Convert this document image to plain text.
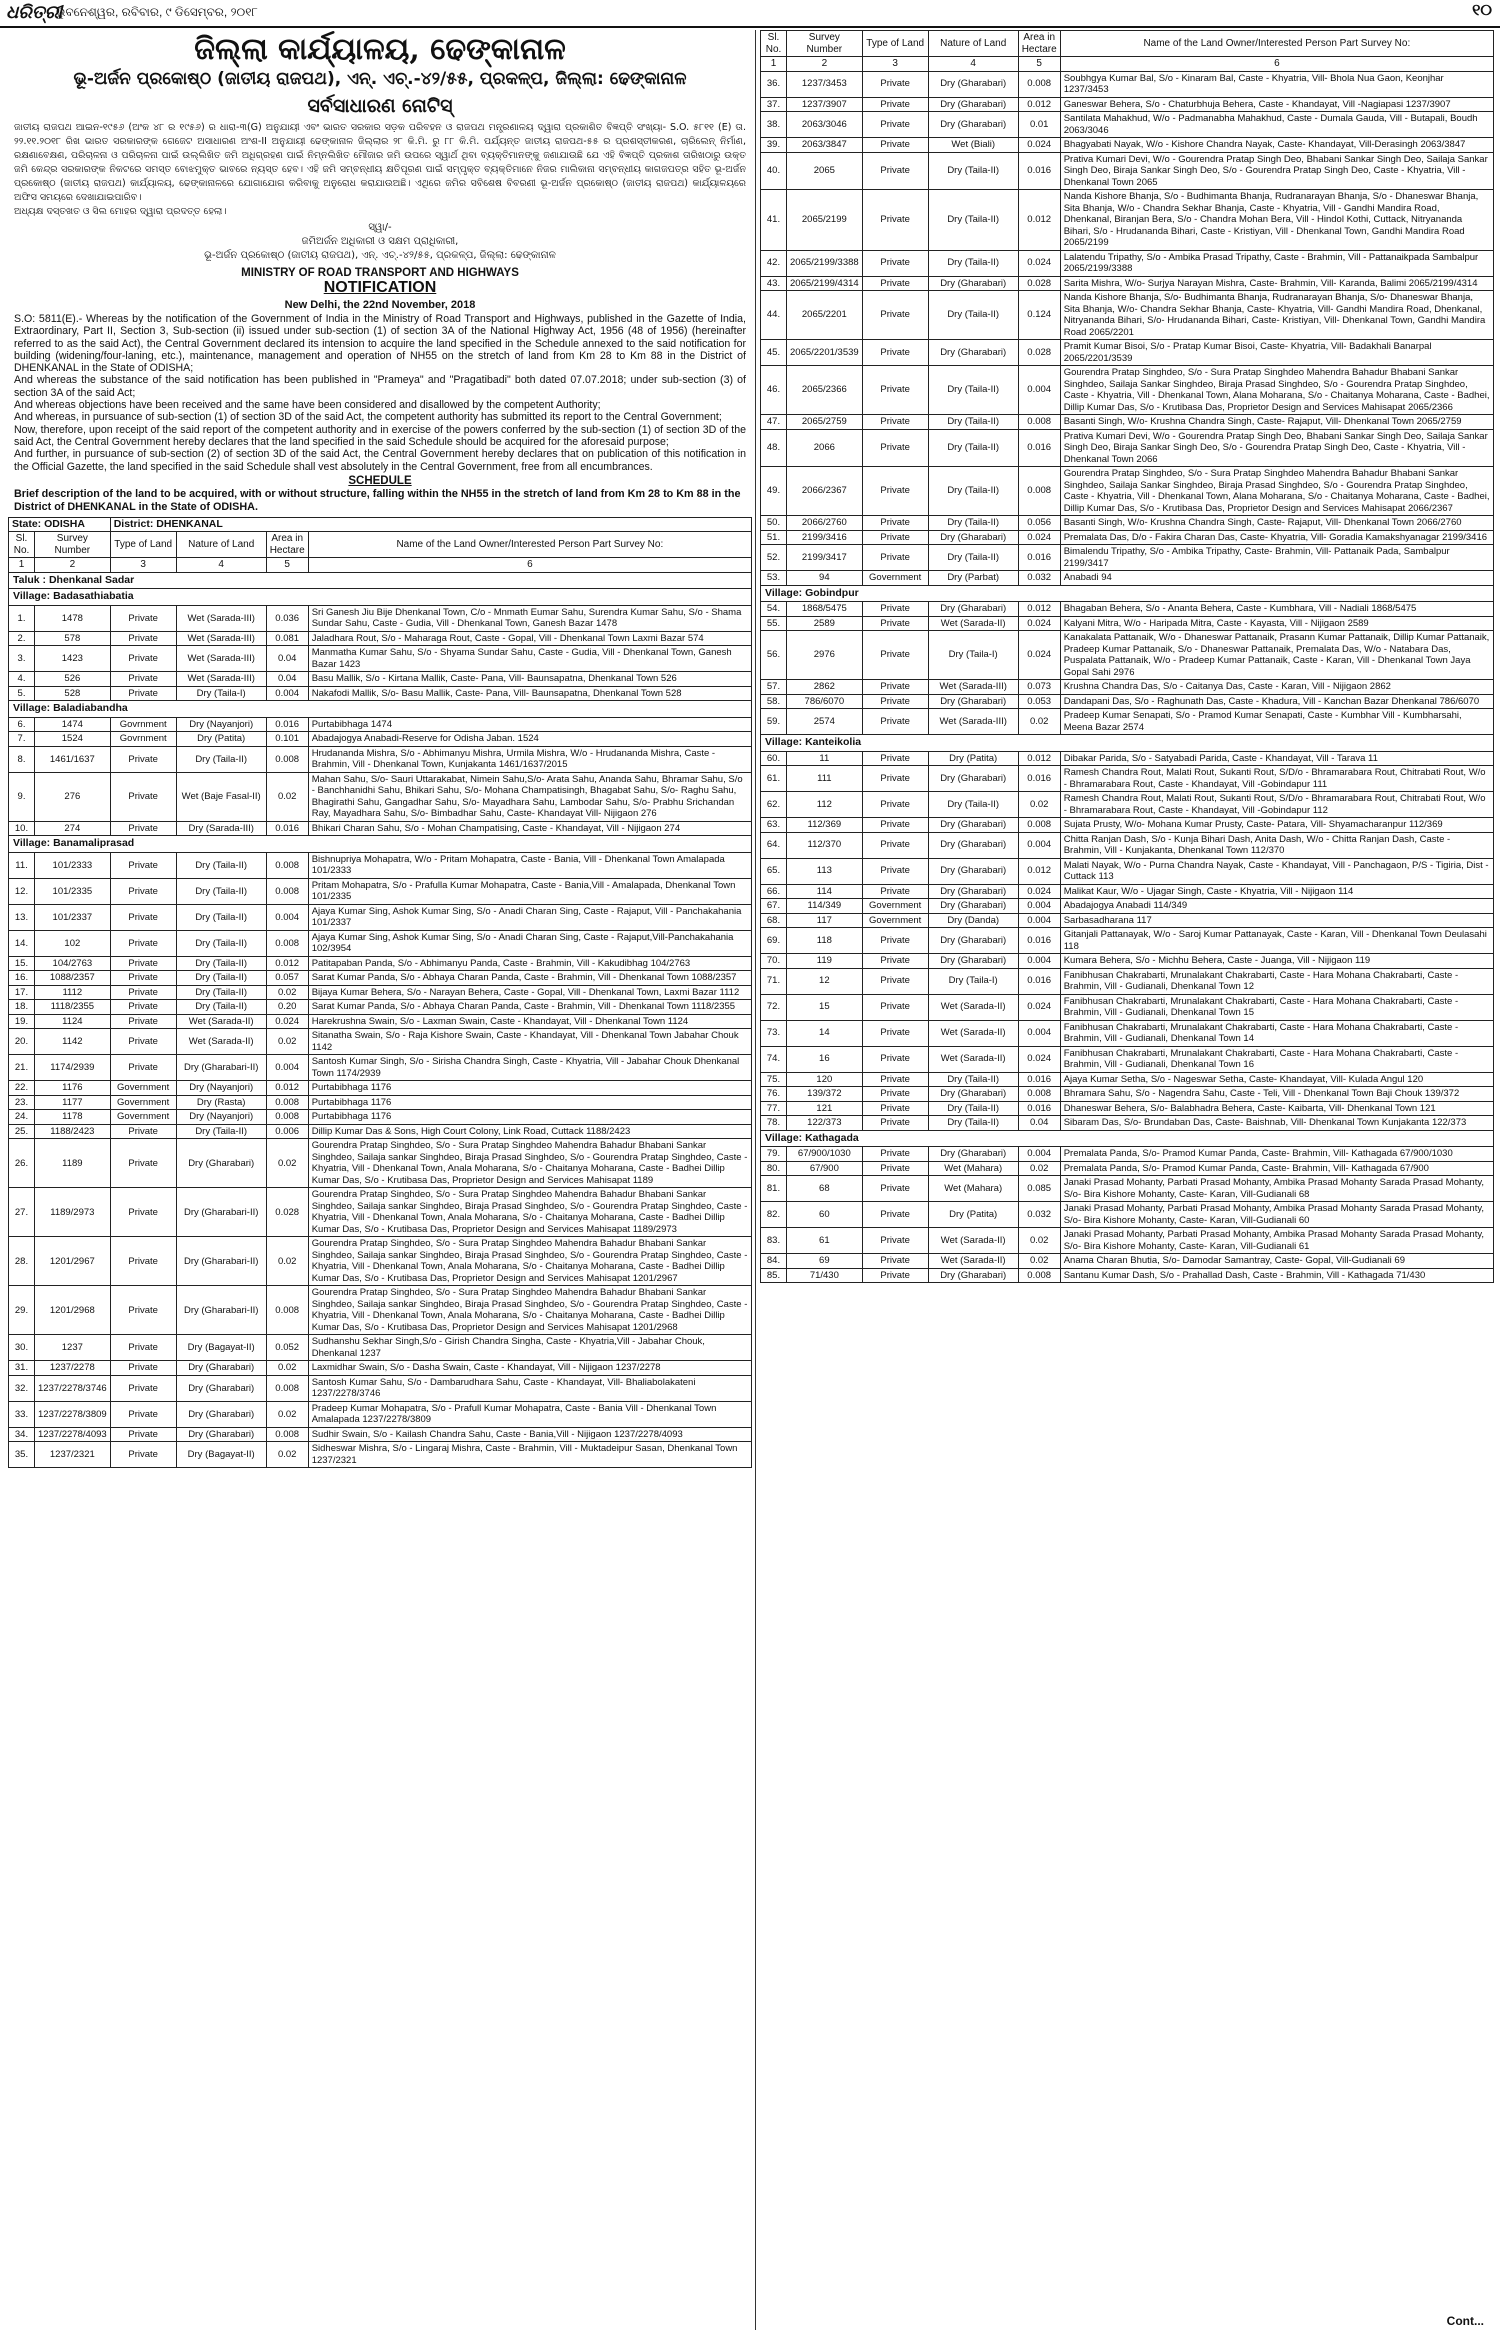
ଧରିତ୍ରୀ
ଭୁବନେଶ୍ୱର, ରବିବାର, ୯ ଡିସେମ୍ବର, ୨୦୧୮	୧୦
ଜିଲ୍ଲା କାର୍ଯ୍ୟାଳୟ, ଢେଙ୍କାନାଳ
ଭୂ-ଅର୍ଜନ ପ୍ରକୋଷ୍ଠ (ଜାତୀୟ ରାଜପଥ), ଏନ୍. ଏଚ୍.-୪୨/୫୫, ପ୍ରକଳ୍ପ, ଜିଲ୍ଲା: ଢେଙ୍କାନାଳ
ସର୍ବସାଧାରଣ ନୋଟିସ୍
ଜାତୀୟ ରାଜପଥ ଆଇନ-୧୯୫୬ (ଅଂକ ୪୮ ର ୧୯୫୬) ର ଧାରା-୩(G) ଅନୁଯାୟୀ ଏବଂ ଭାରତ ସରକାର ସଡ଼କ ପରିବହନ ଓ ରାଜପଥ ମନ୍ତ୍ରଣାଳୟ ଦ୍ୱାରା ପ୍ରକାଶିତ ବିଜ୍ଞପ୍ତି ସଂଖ୍ୟା- S.O. ୫୮୧୧ (E) ତା. ୨୨.୧୧.୨୦୧୮ ରିଖ ଭାରତ ସରକାରଙ୍କ ଗେଜେଟ ଅସାଧାରଣ ଅଂଶ-II ଅନୁଯାୟୀ ଢେଙ୍କାନାଳ ଜିଲ୍ଲାର ୨୮ କି.ମି. ରୁ ୮୮ କି.ମି. ପର୍ଯ୍ୟନ୍ତ ଜାତୀୟ ରାଜପଥ-୫୫ ର ପ୍ରଶସ୍ତୀକରଣ, ଚାରିଲେନ୍ ନିର୍ମାଣ, ରକ୍ଷଣାବେକ୍ଷଣ, ପରିଚାଳନା ଓ ପରିଚାଳନା ପାଇଁ ଉଲ୍ଲିଖିତ ଜମି ଅଧିଗ୍ରହଣ ପାଇଁ ନିମ୍ନଲିଖିତ ମୌଜାର ଜମି ଉପରେ ସ୍ୱାର୍ଥ ଥିବା ବ୍ୟକ୍ତିମାନଙ୍କୁ ଜଣାଯାଉଛି ଯେ ଏହି ବିଜ୍ଞପ୍ତି ପ୍ରକାଶ ତାରିଖଠାରୁ ଉକ୍ତ ଜମି କେନ୍ଦ୍ର ସରକାରଙ୍କ ନିକଟରେ ସମସ୍ତ ବୋଝମୁକ୍ତ ଭାବରେ ନ୍ୟସ୍ତ ହେବ। ଏହି ଜମି ସମ୍ବନ୍ଧୀୟ କ୍ଷତିପୂରଣ ପାଇଁ ସମ୍ପୃକ୍ତ ବ୍ୟକ୍ତିମାନେ ନିଜର ମାଲିକାନା ସମ୍ବନ୍ଧୀୟ କାଗଜପତ୍ର ସହିତ ଭୂ-ଅର୍ଜନ ପ୍ରକୋଷ୍ଠ (ଜାତୀୟ ରାଜପଥ) କାର୍ଯ୍ୟାଳୟ, ଢେଙ୍କାନାଳରେ ଯୋଗାଯୋଗ କରିବାକୁ ଅନୁରୋଧ କରାଯାଉଅଛି। ଏଥିରେ ଜମିର ସବିଶେଷ ବିବରଣୀ ଭୂ-ଅର୍ଜନ ପ୍ରକୋଷ୍ଠ (ଜାତୀୟ ରାଜପଥ) କାର୍ଯ୍ୟାଳୟରେ ଅଫିସ ସମୟରେ ଦେଖାଯାଇପାରିବ।
ଅଧ୍ୟକ୍ଷ ଦସ୍ତଖତ ଓ ସିଲ ମୋହର ଦ୍ୱାରା ପ୍ରଦତ୍ତ ହେଲା।
ସ୍ୱା/-
ଜମିଅର୍ଜନ ଅଧିକାରୀ ଓ ସକ୍ଷମ ପ୍ରାଧିକାରୀ,
ଭୂ-ଅର୍ଜନ ପ୍ରକୋଷ୍ଠ (ଜାତୀୟ ରାଜପଥ), ଏନ୍. ଏଚ୍.-୪୨/୫୫, ପ୍ରକଳ୍ପ, ଜିଲ୍ଲା: ଢେଙ୍କାନାଳ
MINISTRY OF ROAD TRANSPORT AND HIGHWAYS
NOTIFICATION
New Delhi, the 22nd November, 2018
S.O: 5811(E).- Whereas by the notification of the Government of India in the Ministry of Road Transport and Highways, published in the Gazette of India, Extraordinary, Part II, Section 3, Sub-section (ii) issued under sub-section (1) of section 3A of the National Highway Act, 1956 (48 of 1956) (hereinafter referred to as the said Act), the Central Government declared its intension to acquire the land specified in the Schedule annexed to the said notification for building (widening/four-laning, etc.), maintenance, management and operation of NH55 on the stretch of land from Km 28 to Km 88 in the District of DHENKANAL in the State of ODISHA;
And whereas the substance of the said notification has been published in "Prameya" and "Pragatibadi" both dated 07.07.2018; under sub-section (3) of section 3A of the said Act;
And whereas objections have been received and the same have been considered and disallowed by the competent Authority;
And whereas, in pursuance of sub-section (1) of section 3D of the said Act, the competent authority has submitted its report to the Central Government;
Now, therefore, upon receipt of the said report of the competent authority and in exercise of the powers conferred by the sub-section (1) of section 3D of the said Act, the Central Government hereby declares that the land specified in the said Schedule should be acquired for the aforesaid purpose;
And further, in pursuance of sub-section (2) of section 3D of the said Act, the Central Government hereby declares that on publication of this notification in the Official Gazette, the land specified in the said Schedule shall vest absolutely in the Central Government, free from all encumbrances.
SCHEDULE
Brief description of the land to be acquired, with or without structure, falling within the NH55 in the stretch of land from Km 28 to Km 88 in the District of DHENKANAL in the State of ODISHA.
State: ODISHA		District: DHENKANAL			
Sl. No.	Survey Number	Type of Land	Nature of Land	Area in Hectare	Name of the Land Owner/Interested Person Part Survey No:
1	2	3	4	5	6
Taluk : Dhenkanal Sadar					
Village: Badasathiabatia					
1.	1478	Private	Wet (Sarada-III)	0.036	Sri Ganesh Jiu Bije Dhenkanal Town, C/o - Mnmath Eumar Sahu, Surendra Kumar Sahu, S/o - Shama Sundar Sahu, Caste - Gudia, Vill - Dhenkanal Town, Ganesh Bazar 1478
2.	578	Private	Wet (Sarada-III)	0.081	Jaladhara Rout, S/o - Maharaga Rout, Caste - Gopal, Vill - Dhenkanal Town Laxmi Bazar 574
3.	1423	Private	Wet (Sarada-III)	0.04	Manmatha Kumar Sahu, S/o - Shyama Sundar Sahu, Caste - Gudia, Vill - Dhenkanal Town, Ganesh Bazar 1423
4.	526	Private	Wet (Sarada-III)	0.04	Basu Mallik, S/o - Kirtana Mallik, Caste- Pana, Vill- Baunsapatna, Dhenkanal Town 526
5.	528	Private	Dry (Taila-I)	0.004	Nakafodi Mallik, S/o- Basu Mallik, Caste- Pana, Vill- Baunsapatna, Dhenkanal Town 528
Village: Baladiabandha					
6.	1474	Govrnment	Dry (Nayanjori)	0.016	Purtabibhaga 1474
7.	1524	Govrnment	Dry (Patita)	0.101	Abadajogya Anabadi-Reserve for Odisha Jaban. 1524
8.	1461/1637	Private	Dry (Taila-II)	0.008	Hrudananda Mishra, S/o - Abhimanyu Mishra, Urmila Mishra, W/o - Hrudananda Mishra, Caste - Brahmin, Vill - Dhenkanal Town, Kunjakanta 1461/1637/2015
9.	276	Private	Wet (Baje Fasal-II)	0.02	Mahan Sahu, S/o- Sauri Uttarakabat, Nimein Sahu,S/o- Arata Sahu, Ananda Sahu, Bhramar Sahu, S/o - Banchhanidhi Sahu, Bhikari Sahu, S/o- Mohana Champatisingh, Bhagabat Sahu, S/o- Raghu Sahu, Bhagirathi Sahu, Gangadhar Sahu, S/o- Mayadhara Sahu, Lambodar Sahu, S/o- Prabhu Srichandan Ray, Mayadhara Sahu, S/o- Bimbadhar Sahu, Caste- Khandayat Vill- Nijigaon 276
10.	274	Private	Dry (Sarada-III)	0.016	Bhikari Charan Sahu, S/o - Mohan Champatising, Caste - Khandayat, Vill - Nijigaon 274
Village: Banamaliprasad					
11.	101/2333	Private	Dry (Taila-II)	0.008	Bishnupriya Mohapatra, W/o - Pritam Mohapatra, Caste - Bania, Vill - Dhenkanal Town Amalapada 101/2333
12.	101/2335	Private	Dry (Taila-II)	0.008	Pritam Mohapatra, S/o - Prafulla Kumar Mohapatra, Caste - Bania,Vill - Amalapada, Dhenkanal Town 101/2335
13.	101/2337	Private	Dry (Taila-II)	0.004	Ajaya Kumar Sing, Ashok Kumar Sing, S/o - Anadi Charan Sing, Caste - Rajaput, Vill - Panchakahania 101/2337
14.	102	Private	Dry (Taila-II)	0.008	Ajaya Kumar Sing, Ashok Kumar Sing, S/o - Anadi Charan Sing, Caste - Rajaput,Vill-Panchakahania 102/3954
15.	104/2763	Private	Dry (Taila-II)	0.012	Patitapaban Panda, S/o - Abhimanyu Panda, Caste - Brahmin, Vill - Kakudibhag 104/2763
16.	1088/2357	Private	Dry (Taila-II)	0.057	Sarat Kumar Panda, S/o - Abhaya Charan Panda, Caste - Brahmin, Vill - Dhenkanal Town 1088/2357
17.	1112	Private	Dry (Taila-II)	0.02	Bijaya Kumar Behera, S/o - Narayan Behera, Caste - Gopal, Vill - Dhenkanal Town, Laxmi Bazar 1112
18.	1118/2355	Private	Dry (Taila-II)	0.20	Sarat Kumar Panda, S/o - Abhaya Charan Panda, Caste - Brahmin, Vill - Dhenkanal Town 1118/2355
19.	1124	Private	Wet (Sarada-II)	0.024	Harekrushna Swain, S/o - Laxman Swain, Caste - Khandayat, Vill - Dhenkanal Town 1124
20.	1142	Private	Wet (Sarada-II)	0.02	Sitanatha Swain, S/o - Raja Kishore Swain, Caste - Khandayat, Vill - Dhenkanal Town Jabahar Chouk 1142
21.	1174/2939	Private	Dry (Gharabari-II)	0.004	Santosh Kumar Singh, S/o - Sirisha Chandra Singh, Caste - Khyatria, Vill - Jabahar Chouk Dhenkanal Town 1174/2939
22.	1176	Government	Dry (Nayanjori)	0.012	Purtabibhaga 1176
23.	1177	Government	Dry (Rasta)	0.008	Purtabibhaga 1176
24.	1178	Government	Dry (Nayanjori)	0.008	Purtabibhaga 1176
25.	1188/2423	Private	Dry (Taila-II)	0.006	Dillip Kumar Das & Sons, High Court Colony, Link Road, Cuttack 1188/2423
26.	1189	Private	Dry (Gharabari)	0.02	Gourendra Pratap Singhdeo, S/o - Sura Pratap Singhdeo Mahendra Bahadur Bhabani Sankar Singhdeo, Sailaja sankar Singhdeo, Biraja Prasad Singhdeo, S/o - Gourendra Pratap Singhdeo, Caste - Khyatria, Vill - Dhenkanal Town, Anala Moharana, S/o - Chaitanya Moharana, Caste - Badhei Dillip Kumar Das, S/o - Krutibasa Das, Proprietor Design and Services Mahisapat 1189
27.	1189/2973	Private	Dry (Gharabari-II)	0.028	Gourendra Pratap Singhdeo, S/o - Sura Pratap Singhdeo Mahendra Bahadur Bhabani Sankar Singhdeo, Sailaja sankar Singhdeo, Biraja Prasad Singhdeo, S/o - Gourendra Pratap Singhdeo, Caste - Khyatria, Vill - Dhenkanal Town, Anala Moharana, S/o - Chaitanya Moharana, Caste - Badhei Dillip Kumar Das, S/o - Krutibasa Das, Proprietor Design and Services Mahisapat 1189/2973
28.	1201/2967	Private	Dry (Gharabari-II)	0.02	Gourendra Pratap Singhdeo, S/o - Sura Pratap Singhdeo Mahendra Bahadur Bhabani Sankar Singhdeo, Sailaja sankar Singhdeo, Biraja Prasad Singhdeo, S/o - Gourendra Pratap Singhdeo, Caste - Khyatria, Vill - Dhenkanal Town, Anala Moharana, S/o - Chaitanya Moharana, Caste - Badhei Dillip Kumar Das, S/o - Krutibasa Das, Proprietor Design and Services Mahisapat 1201/2967
29.	1201/2968	Private	Dry (Gharabari-II)	0.008	Gourendra Pratap Singhdeo, S/o - Sura Pratap Singhdeo Mahendra Bahadur Bhabani Sankar Singhdeo, Sailaja sankar Singhdeo, Biraja Prasad Singhdeo, S/o - Gourendra Pratap Singhdeo, Caste - Khyatria, Vill - Dhenkanal Town, Anala Moharana, S/o - Chaitanya Moharana, Caste - Badhei Dillip Kumar Das, S/o - Krutibasa Das, Proprietor Design and Services Mahisapat 1201/2968
30.	1237	Private	Dry (Bagayat-II)	0.052	Sudhanshu Sekhar Singh,S/o - Girish Chandra Singha, Caste - Khyatria,Vill - Jabahar Chouk, Dhenkanal 1237
31.	1237/2278	Private	Dry (Gharabari)	0.02	Laxmidhar Swain, S/o - Dasha Swain, Caste - Khandayat, Vill - Nijigaon 1237/2278
32.	1237/2278/3746	Private	Dry (Gharabari)	0.008	Santosh Kumar Sahu, S/o - Dambarudhara Sahu, Caste - Khandayat, Vill- Bhaliabolakateni 1237/2278/3746
33.	1237/2278/3809	Private	Dry (Gharabari)	0.02	Pradeep Kumar Mohapatra, S/o - Prafull Kumar Mohapatra, Caste - Bania Vill - Dhenkanal Town Amalapada 1237/2278/3809
34.	1237/2278/4093	Private	Dry (Gharabari)	0.008	Sudhir Swain, S/o - Kailash Chandra Sahu, Caste - Bania,Vill - Nijigaon 1237/2278/4093
35.	1237/2321	Private	Dry (Bagayat-II)	0.02	Sidheswar Mishra, S/o - Lingaraj Mishra, Caste - Brahmin, Vill - Muktadeipur Sasan, Dhenkanal Town 1237/2321
Sl. No.	Survey Number	Type of Land	Nature of Land	Area in Hectare	Name of the Land Owner/Interested Person Part Survey No:
1	2	3	4	5	6
36.	1237/3453	Private	Dry (Gharabari)	0.008	Soubhgya Kumar Bal, S/o - Kinaram Bal, Caste - Khyatria, Vill- Bhola Nua Gaon, Keonjhar 1237/3453
37.	1237/3907	Private	Dry (Gharabari)	0.012	Ganeswar Behera, S/o - Chaturbhuja Behera, Caste - Khandayat, Vill -Nagiapasi 1237/3907
38.	2063/3046	Private	Dry (Gharabari)	0.01	Santilata Mahakhud, W/o - Padmanabha Mahakhud, Caste - Dumala Gauda, Vill - Butapali, Boudh 2063/3046
39.	2063/3847	Private	Wet (Biali)	0.024	Bhagyabati Nayak, W/o - Kishore Chandra Nayak, Caste- Khandayat, Vill-Derasingh 2063/3847
40.	2065	Private	Dry (Taila-II)	0.016	Prativa Kumari Devi, W/o - Gourendra Pratap Singh Deo, Bhabani Sankar Singh Deo, Sailaja Sankar Singh Deo, Biraja Sankar Singh Deo, S/o - Gourendra Pratap Singh Deo, Caste - Khyatria, Vill - Dhenkanal Town 2065
41.	2065/2199	Private	Dry (Taila-II)	0.012	Nanda Kishore Bhanja, S/o - Budhimanta Bhanja, Rudranarayan Bhanja, S/o - Dhaneswar Bhanja, Sita Bhanja, W/o - Chandra Sekhar Bhanja, Caste - Khyatria, Vill - Gandhi Mandira Road, Dhenkanal, Biranjan Bera, S/o - Chandra Mohan Bera, Vill - Hindol Kothi, Cuttack, Nitryananda Bihari, S/o - Hrudananda Bihari, Caste - Kristiyan, Vill - Dhenkanal Town, Gandhi Mandira Road 2065/2199
42.	2065/2199/3388	Private	Dry (Taila-II)	0.024	Lalatendu Tripathy, S/o - Ambika Prasad Tripathy, Caste - Brahmin, Vill - Pattanaikpada Sambalpur 2065/2199/3388
43.	2065/2199/4314	Private	Dry (Gharabari)	0.028	Sarita Mishra, W/o- Surjya Narayan Mishra, Caste- Brahmin, Vill- Karanda, Balimi 2065/2199/4314
44.	2065/2201	Private	Dry (Taila-II)	0.124	Nanda Kishore Bhanja, S/o- Budhimanta Bhanja, Rudranarayan Bhanja, S/o- Dhaneswar Bhanja, Sita Bhanja, W/o- Chandra Sekhar Bhanja, Caste- Khyatria, Vill- Gandhi Mandira Road, Dhenkanal, Nitryananda Bihari, S/o- Hrudananda Bihari, Caste- Kristiyan, Vill- Dhenkanal Town, Gandhi Mandira Road 2065/2201
45.	2065/2201/3539	Private	Dry (Gharabari)	0.028	Pramit Kumar Bisoi, S/o - Pratap Kumar Bisoi, Caste- Khyatria, Vill- Badakhali Banarpal 2065/2201/3539
46.	2065/2366	Private	Dry (Taila-II)	0.004	Gourendra Pratap Singhdeo, S/o - Sura Pratap Singhdeo Mahendra Bahadur Bhabani Sankar Singhdeo, Sailaja Sankar Singhdeo, Biraja Prasad Singhdeo, S/o - Gourendra Pratap Singhdeo, Caste - Khyatria, Vill - Dhenkanal Town, Alana Moharana, S/o - Chaitanya Moharana, Caste - Badhei, Dillip Kumar Das, S/o - Krutibasa Das, Proprietor Design and Services Mahisapat 2065/2366
47.	2065/2759	Private	Dry (Taila-II)	0.008	Basanti Singh, W/o- Krushna Chandra Singh, Caste- Rajaput, Vill- Dhenkanal Town 2065/2759
48.	2066	Private	Dry (Taila-II)	0.016	Prativa Kumari Devi, W/o - Gourendra Pratap Singh Deo, Bhabani Sankar Singh Deo, Sailaja Sankar Singh Deo, Biraja Sankar Singh Deo, S/o - Gourendra Pratap Singh Deo, Caste - Khyatria, Vill - Dhenkanal Town 2066
49.	2066/2367	Private	Dry (Taila-II)	0.008	Gourendra Pratap Singhdeo, S/o - Sura Pratap Singhdeo Mahendra Bahadur Bhabani Sankar Singhdeo, Sailaja Sankar Singhdeo, Biraja Prasad Singhdeo, S/o - Gourendra Pratap Singhdeo, Caste - Khyatria, Vill - Dhenkanal Town, Alana Moharana, S/o - Chaitanya Moharana, Caste - Badhei, Dillip Kumar Das, S/o - Krutibasa Das, Proprietor Design and Services Mahisapat 2066/2367
50.	2066/2760	Private	Dry (Taila-II)	0.056	Basanti Singh, W/o- Krushna Chandra Singh, Caste- Rajaput, Vill- Dhenkanal Town 2066/2760
51.	2199/3416	Private	Dry (Gharabari)	0.024	Premalata Das, D/o - Fakira Charan Das, Caste- Khyatria, Vill- Goradia Kamakshyanagar 2199/3416
52.	2199/3417	Private	Dry (Taila-II)	0.016	Bimalendu Tripathy, S/o - Ambika Tripathy, Caste- Brahmin, Vill- Pattanaik Pada, Sambalpur 2199/3417
53.	94	Government	Dry (Parbat)	0.032	Anabadi 94
Village: Gobindpur					
54.	1868/5475	Private	Dry (Gharabari)	0.012	Bhagaban Behera, S/o - Ananta Behera, Caste - Kumbhara, Vill - Nadiali 1868/5475
55.	2589	Private	Wet (Sarada-II)	0.024	Kalyani Mitra, W/o - Haripada Mitra, Caste - Kayasta, Vill - Nijigaon 2589
56.	2976	Private	Dry (Taila-I)	0.024	Kanakalata Pattanaik, W/o - Dhaneswar Pattanaik, Prasann Kumar Pattanaik, Dillip Kumar Pattanaik, Pradeep Kumar Pattanaik, S/o - Dhaneswar Pattanaik, Premalata Das, W/o - Natabara Das, Puspalata Pattanaik, W/o - Pradeep Kumar Pattanaik, Caste - Karan, Vill - Dhenkanal Town Jaya Gopal Sahi 2976
57.	2862	Private	Wet (Sarada-III)	0.073	Krushna Chandra Das, S/o - Caitanya Das, Caste - Karan, Vill - Nijigaon 2862
58.	786/6070	Private	Dry (Gharabari)	0.053	Dandapani Das, S/o - Raghunath Das, Caste - Khadura, Vill - Kanchan Bazar Dhenkanal 786/6070
59.	2574	Private	Wet (Sarada-III)	0.02	Pradeep Kumar Senapati, S/o - Pramod Kumar Senapati, Caste - Kumbhar Vill - Kumbharsahi, Meena Bazar 2574
Village: Kanteikolia					
60.	11	Private	Dry (Patita)	0.012	Dibakar Parida, S/o - Satyabadi Parida, Caste - Khandayat, Vill - Tarava 11
61.	111	Private	Dry (Gharabari)	0.016	Ramesh Chandra Rout, Malati Rout, Sukanti Rout, S/D/o - Bhramarabara Rout, Chitrabati Rout, W/o - Bhramarabara Rout, Caste - Khandayat, Vill -Gobindapur 111
62.	112	Private	Dry (Taila-II)	0.02	Ramesh Chandra Rout, Malati Rout, Sukanti Rout, S/D/o - Bhramarabara Rout, Chitrabati Rout, W/o - Bhramarabara Rout, Caste - Khandayat, Vill -Gobindapur 112
63.	112/369	Private	Dry (Gharabari)	0.008	Sujata Prusty, W/o- Mohana Kumar Prusty, Caste- Patara, Vill- Shyamacharanpur 112/369
64.	112/370	Private	Dry (Gharabari)	0.004	Chitta Ranjan Dash, S/o - Kunja Bihari Dash, Anita Dash, W/o - Chitta Ranjan Dash, Caste - Brahmin, Vill - Kunjakanta, Dhenkanal Town 112/370
65.	113	Private	Dry (Gharabari)	0.012	Malati Nayak, W/o - Purna Chandra Nayak, Caste - Khandayat, Vill - Panchagaon, P/S - Tigiria, Dist - Cuttack 113
66.	114	Private	Dry (Gharabari)	0.024	Malikat Kaur, W/o - Ujagar Singh, Caste - Khyatria, Vill - Nijigaon 114
67.	114/349	Government	Dry (Gharabari)	0.004	Abadajogya Anabadi 114/349
68.	117	Government	Dry (Danda)	0.004	Sarbasadharana 117
69.	118	Private	Dry (Gharabari)	0.016	Gitanjali Pattanayak, W/o - Saroj Kumar Pattanayak, Caste - Karan, Vill - Dhenkanal Town Deulasahi 118
70.	119	Private	Dry (Gharabari)	0.004	Kumara Behera, S/o - Michhu Behera, Caste - Juanga, Vill - Nijigaon 119
71.	12	Private	Dry (Taila-I)	0.016	Fanibhusan Chakrabarti, Mrunalakant Chakrabarti, Caste - Hara Mohana Chakrabarti, Caste - Brahmin, Vill - Gudianali, Dhenkanal Town 12
72.	15	Private	Wet (Sarada-II)	0.024	Fanibhusan Chakrabarti, Mrunalakant Chakrabarti, Caste - Hara Mohana Chakrabarti, Caste - Brahmin, Vill - Gudianali, Dhenkanal Town 15
73.	14	Private	Wet (Sarada-II)	0.004	Fanibhusan Chakrabarti, Mrunalakant Chakrabarti, Caste - Hara Mohana Chakrabarti, Caste - Brahmin, Vill - Gudianali, Dhenkanal Town 14
74.	16	Private	Wet (Sarada-II)	0.024	Fanibhusan Chakrabarti, Mrunalakant Chakrabarti, Caste - Hara Mohana Chakrabarti, Caste - Brahmin, Vill - Gudianali, Dhenkanal Town 16
75.	120	Private	Dry (Taila-II)	0.016	Ajaya Kumar Setha, S/o - Nageswar Setha, Caste- Khandayat, Vill- Kulada Angul 120
76.	139/372	Private	Dry (Gharabari)	0.008	Bhramara Sahu, S/o - Nagendra Sahu, Caste - Teli, Vill - Dhenkanal Town Baji Chouk 139/372
77.	121	Private	Dry (Taila-II)	0.016	Dhaneswar Behera, S/o- Balabhadra Behera, Caste- Kaibarta, Vill- Dhenkanal Town 121
78.	122/373	Private	Dry (Taila-II)	0.04	Sibaram Das, S/o- Brundaban Das, Caste- Baishnab, Vill- Dhenkanal Town Kunjakanta 122/373
Village: Kathagada					
79.	67/900/1030	Private	Dry (Gharabari)	0.004	Premalata Panda, S/o- Pramod Kumar Panda, Caste- Brahmin, Vill- Kathagada 67/900/1030
80.	67/900	Private	Wet (Mahara)	0.02	Premalata Panda, S/o- Pramod Kumar Panda, Caste- Brahmin, Vill- Kathagada 67/900
81.	68	Private	Wet (Mahara)	0.085	Janaki Prasad Mohanty, Parbati Prasad Mohanty, Ambika Prasad Mohanty Sarada Prasad Mohanty, S/o- Bira Kishore Mohanty, Caste- Karan, Vill-Gudianali 68
82.	60	Private	Dry (Patita)	0.032	Janaki Prasad Mohanty, Parbati Prasad Mohanty, Ambika Prasad Mohanty Sarada Prasad Mohanty, S/o- Bira Kishore Mohanty, Caste- Karan, Vill-Gudianali 60
83.	61	Private	Wet (Sarada-II)	0.02	Janaki Prasad Mohanty, Parbati Prasad Mohanty, Ambika Prasad Mohanty Sarada Prasad Mohanty, S/o- Bira Kishore Mohanty, Caste- Karan, Vill-Gudianali 61
84.	69	Private	Wet (Sarada-II)	0.02	Anama Charan Bhutia, S/o- Damodar Samantray, Caste- Gopal, Vill-Gudianali 69
85.	71/430	Private	Dry (Gharabari)	0.008	Santanu Kumar Dash, S/o - Prahallad Dash, Caste - Brahmin, Vill - Kathagada 71/430
Cont...
